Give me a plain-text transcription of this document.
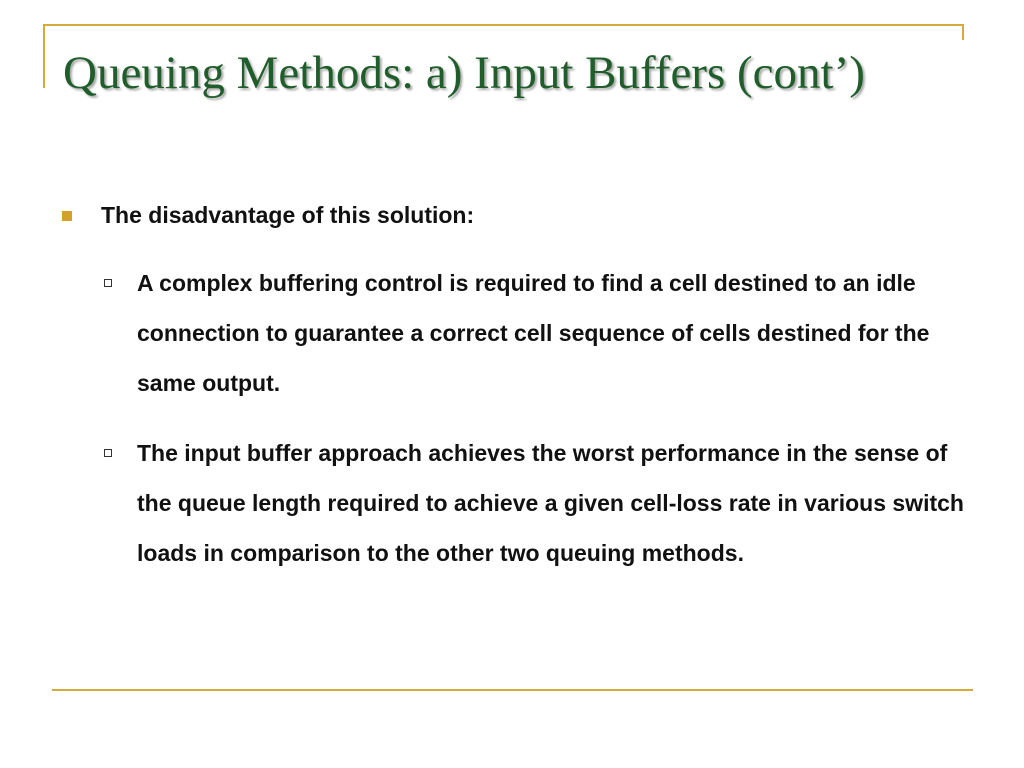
Queuing Methods: a) Input Buffers (cont’)

The disadvantage of this solution:

A complex buffering control is required to find a cell destined to an idle connection to guarantee a correct cell sequence of cells destined for the same output.

The input buffer approach achieves the worst performance in the sense of the queue length required to achieve a given cell-loss rate in various switch loads in comparison to the other two queuing methods.
